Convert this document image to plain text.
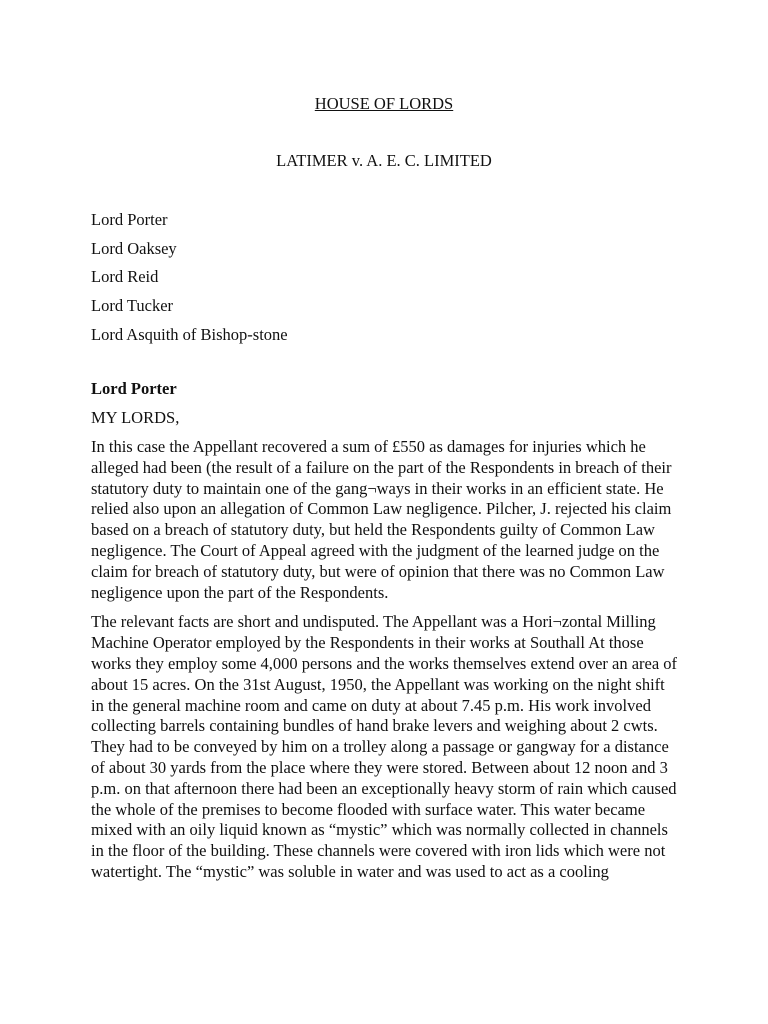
HOUSE OF LORDS
LATIMER v. A. E. C. LIMITED
Lord Porter
Lord Oaksey
Lord Reid
Lord Tucker
Lord Asquith of Bishop-stone
Lord Porter

MY LORDS,

In this case the Appellant recovered a sum of £550 as damages for injuries which he alleged had been (the result of a failure on the part of the Respondents in breach of their statutory duty to maintain one of the gang¬ways in their works in an efficient state. He relied also upon an allegation of Common Law negligence. Pilcher, J. rejected his claim based on a breach of statutory duty, but held the Respondents guilty of Common Law negligence. The Court of Appeal agreed with the judgment of the learned judge on the claim for breach of statutory duty, but were of opinion that there was no Common Law negligence upon the part of the Respondents.

The relevant facts are short and undisputed. The Appellant was a Hori¬zontal Milling Machine Operator employed by the Respondents in their works at Southall At those works they employ some 4,000 persons and the works themselves extend over an area of about 15 acres. On the 31st August, 1950, the Appellant was working on the night shift in the general machine room and came on duty at about 7.45 p.m. His work involved collecting barrels containing bundles of hand brake levers and weighing about 2 cwts. They had to be conveyed by him on a trolley along a passage or gangway for a distance of about 30 yards from the place where they were stored. Between about 12 noon and 3 p.m. on that afternoon there had been an exceptionally heavy storm of rain which caused the whole of the premises to become flooded with surface water. This water became mixed with an oily liquid known as “mystic” which was normally collected in channels in the floor of the building. These channels were covered with iron lids which were not watertight. The “mystic” was soluble in water and was used to act as a cooling
